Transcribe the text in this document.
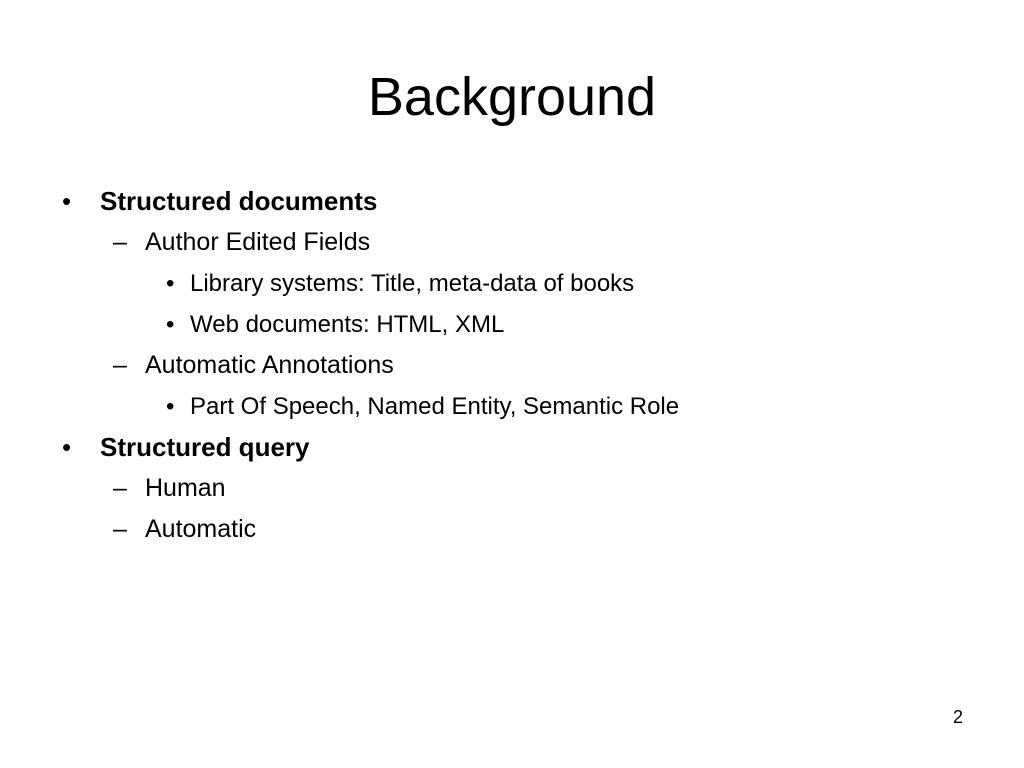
Background
• Structured documents
– Author Edited Fields
• Library systems: Title, meta-data of books
• Web documents: HTML, XML
– Automatic Annotations
• Part Of Speech, Named Entity, Semantic Role
• Structured query
– Human
– Automatic
2
